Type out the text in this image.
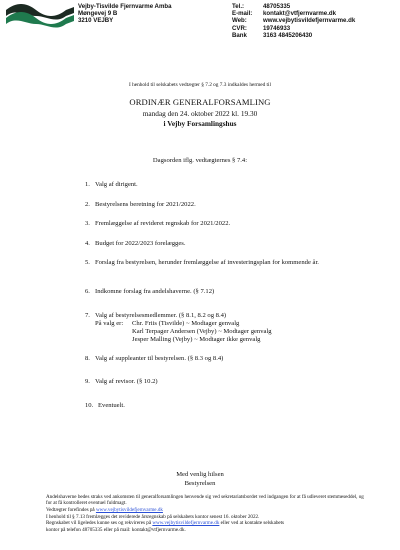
Vejby-Tisvilde Fjernvarme Amba
Møngevej 9 B
3210 VEJBY
Tel.:	48705335
E-mail:	kontakt@vtfjernvarme.dk
Web:	www.vejbytisvildefjernvarme.dk
CVR:	19746933
Bank	3163 4845206430
I henhold til selskabets vedtægter § 7.2 og 7.3 indkaldes hermed til
ORDINÆR GENERALFORSAMLING
mandag den 24. oktober 2022 kl. 19.30
i Vejby Forsamlingshus
Dagsorden iflg. vedtægternes § 7.4:
1. Valg af dirigent.
2. Bestyrelsens beretning for 2021/2022.
3. Fremlæggelse af revideret regnskab for 2021/2022.
4. Budget for 2022/2023 forelægges.
5. Forslag fra bestyrelsen, herunder fremlæggelse af investeringsplan for kommende år.
6. Indkomne forslag fra andelshaverne. (§ 7.12)
7. Valg af bestyrelsesmedlemmer. (§ 8.1, 8.2 og 8.4)
På valg er: Chr. Friis (Tisvilde) ~ Modtager genvalg
Karl Terpager Andersen (Vejby) ~ Modtager genvalg
Jesper Malling (Vejby) ~ Modtager ikke genvalg
8. Valg af suppleanter til bestyrelsen. (§ 8.3 og 8.4)
9. Valg af revisor. (§ 10.2)
10. Eventuelt.
Med venlig hilsen
Bestyrelsen
Andelshaverne bedes straks ved ankomsten til generalforsamlingen henvende sig ved sekretariatsbordet ved indgangen for at få udleveret stemmeseddel, og for at få kontrolleret eventuel fuldmagt.
Vedtægter forefindes på www.vejbytisvildefjernvarme.dk
I henhold til § 7.13 fremlægges det reviderede årsregnskab på selskabets kontor senest 16. oktober 2022.
Regnskabet vil ligeledes kunne ses og rekvireres på www.vejbytisvildefjernvarme.dk eller ved at kontakte selskabets
kontor på telefon 48705335 eller på mail: kontakt@vtfjernvarme.dk.
